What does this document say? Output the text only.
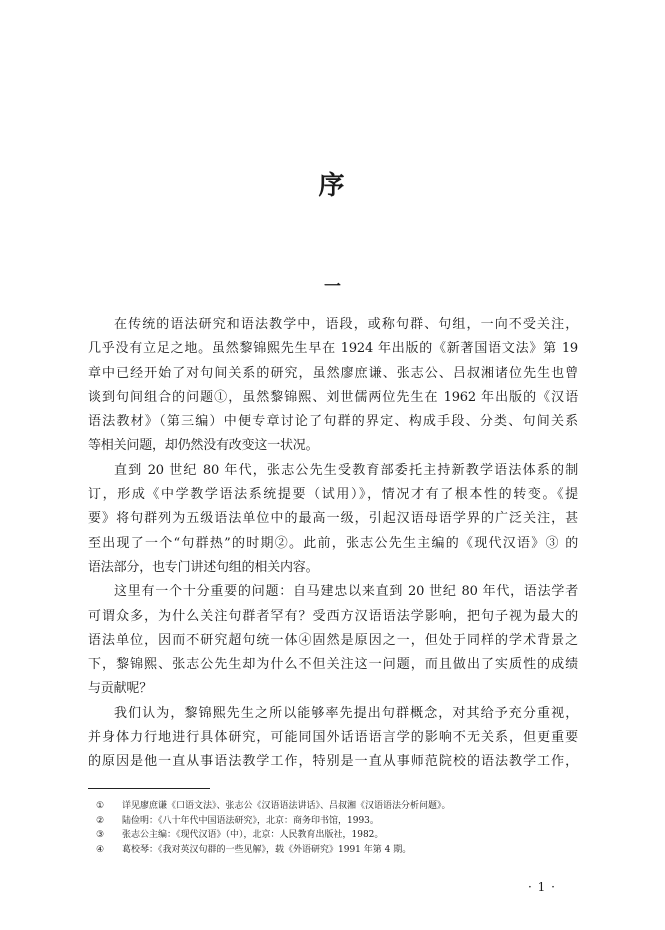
序
一
在传统的语法研究和语法教学中，语段，或称句群、句组，一向不受关注，
几乎没有立足之地。虽然黎锦熙先生早在 1924 年出版的《新著国语文法》第 19
章中已经开始了对句间关系的研究，虽然廖庶谦、张志公、吕叔湘诸位先生也曾
谈到句间组合的问题①，虽然黎锦熙、刘世儒两位先生在 1962 年出版的《汉语
语法教材》（第三编）中便专章讨论了句群的界定、构成手段、分类、句间关系
等相关问题，却仍然没有改变这一状况。
直到 20 世纪 80 年代，张志公先生受教育部委托主持新教学语法体系的制
订，形成《中学教学语法系统提要（试用）》，情况才有了根本性的转变。《提
要》将句群列为五级语法单位中的最高一级，引起汉语母语学界的广泛关注，甚
至出现了一个“句群热”的时期②。此前，张志公先生主编的《现代汉语》③ 的
语法部分，也专门讲述句组的相关内容。
这里有一个十分重要的问题：自马建忠以来直到 20 世纪 80 年代，语法学者
可谓众多，为什么关注句群者罕有？受西方汉语语法学影响，把句子视为最大的
语法单位，因而不研究超句统一体④固然是原因之一，但处于同样的学术背景之
下，黎锦熙、张志公先生却为什么不但关注这一问题，而且做出了实质性的成绩
与贡献呢？
我们认为，黎锦熙先生之所以能够率先提出句群概念，对其给予充分重视，
并身体力行地进行具体研究，可能同国外话语语言学的影响不无关系，但更重要
的原因是他一直从事语法教学工作，特别是一直从事师范院校的语法教学工作，
① 详见廖庶谦《口语文法》、张志公《汉语语法讲话》、吕叔湘《汉语语法分析问题》。
② 陆俭明：《八十年代中国语法研究》，北京：商务印书馆，1993。
③ 张志公主编：《现代汉语》（中），北京：人民教育出版社，1982。
④ 葛校琴：《我对英汉句群的一些见解》，载《外语研究》1991 年第 4 期。
· 1 ·
